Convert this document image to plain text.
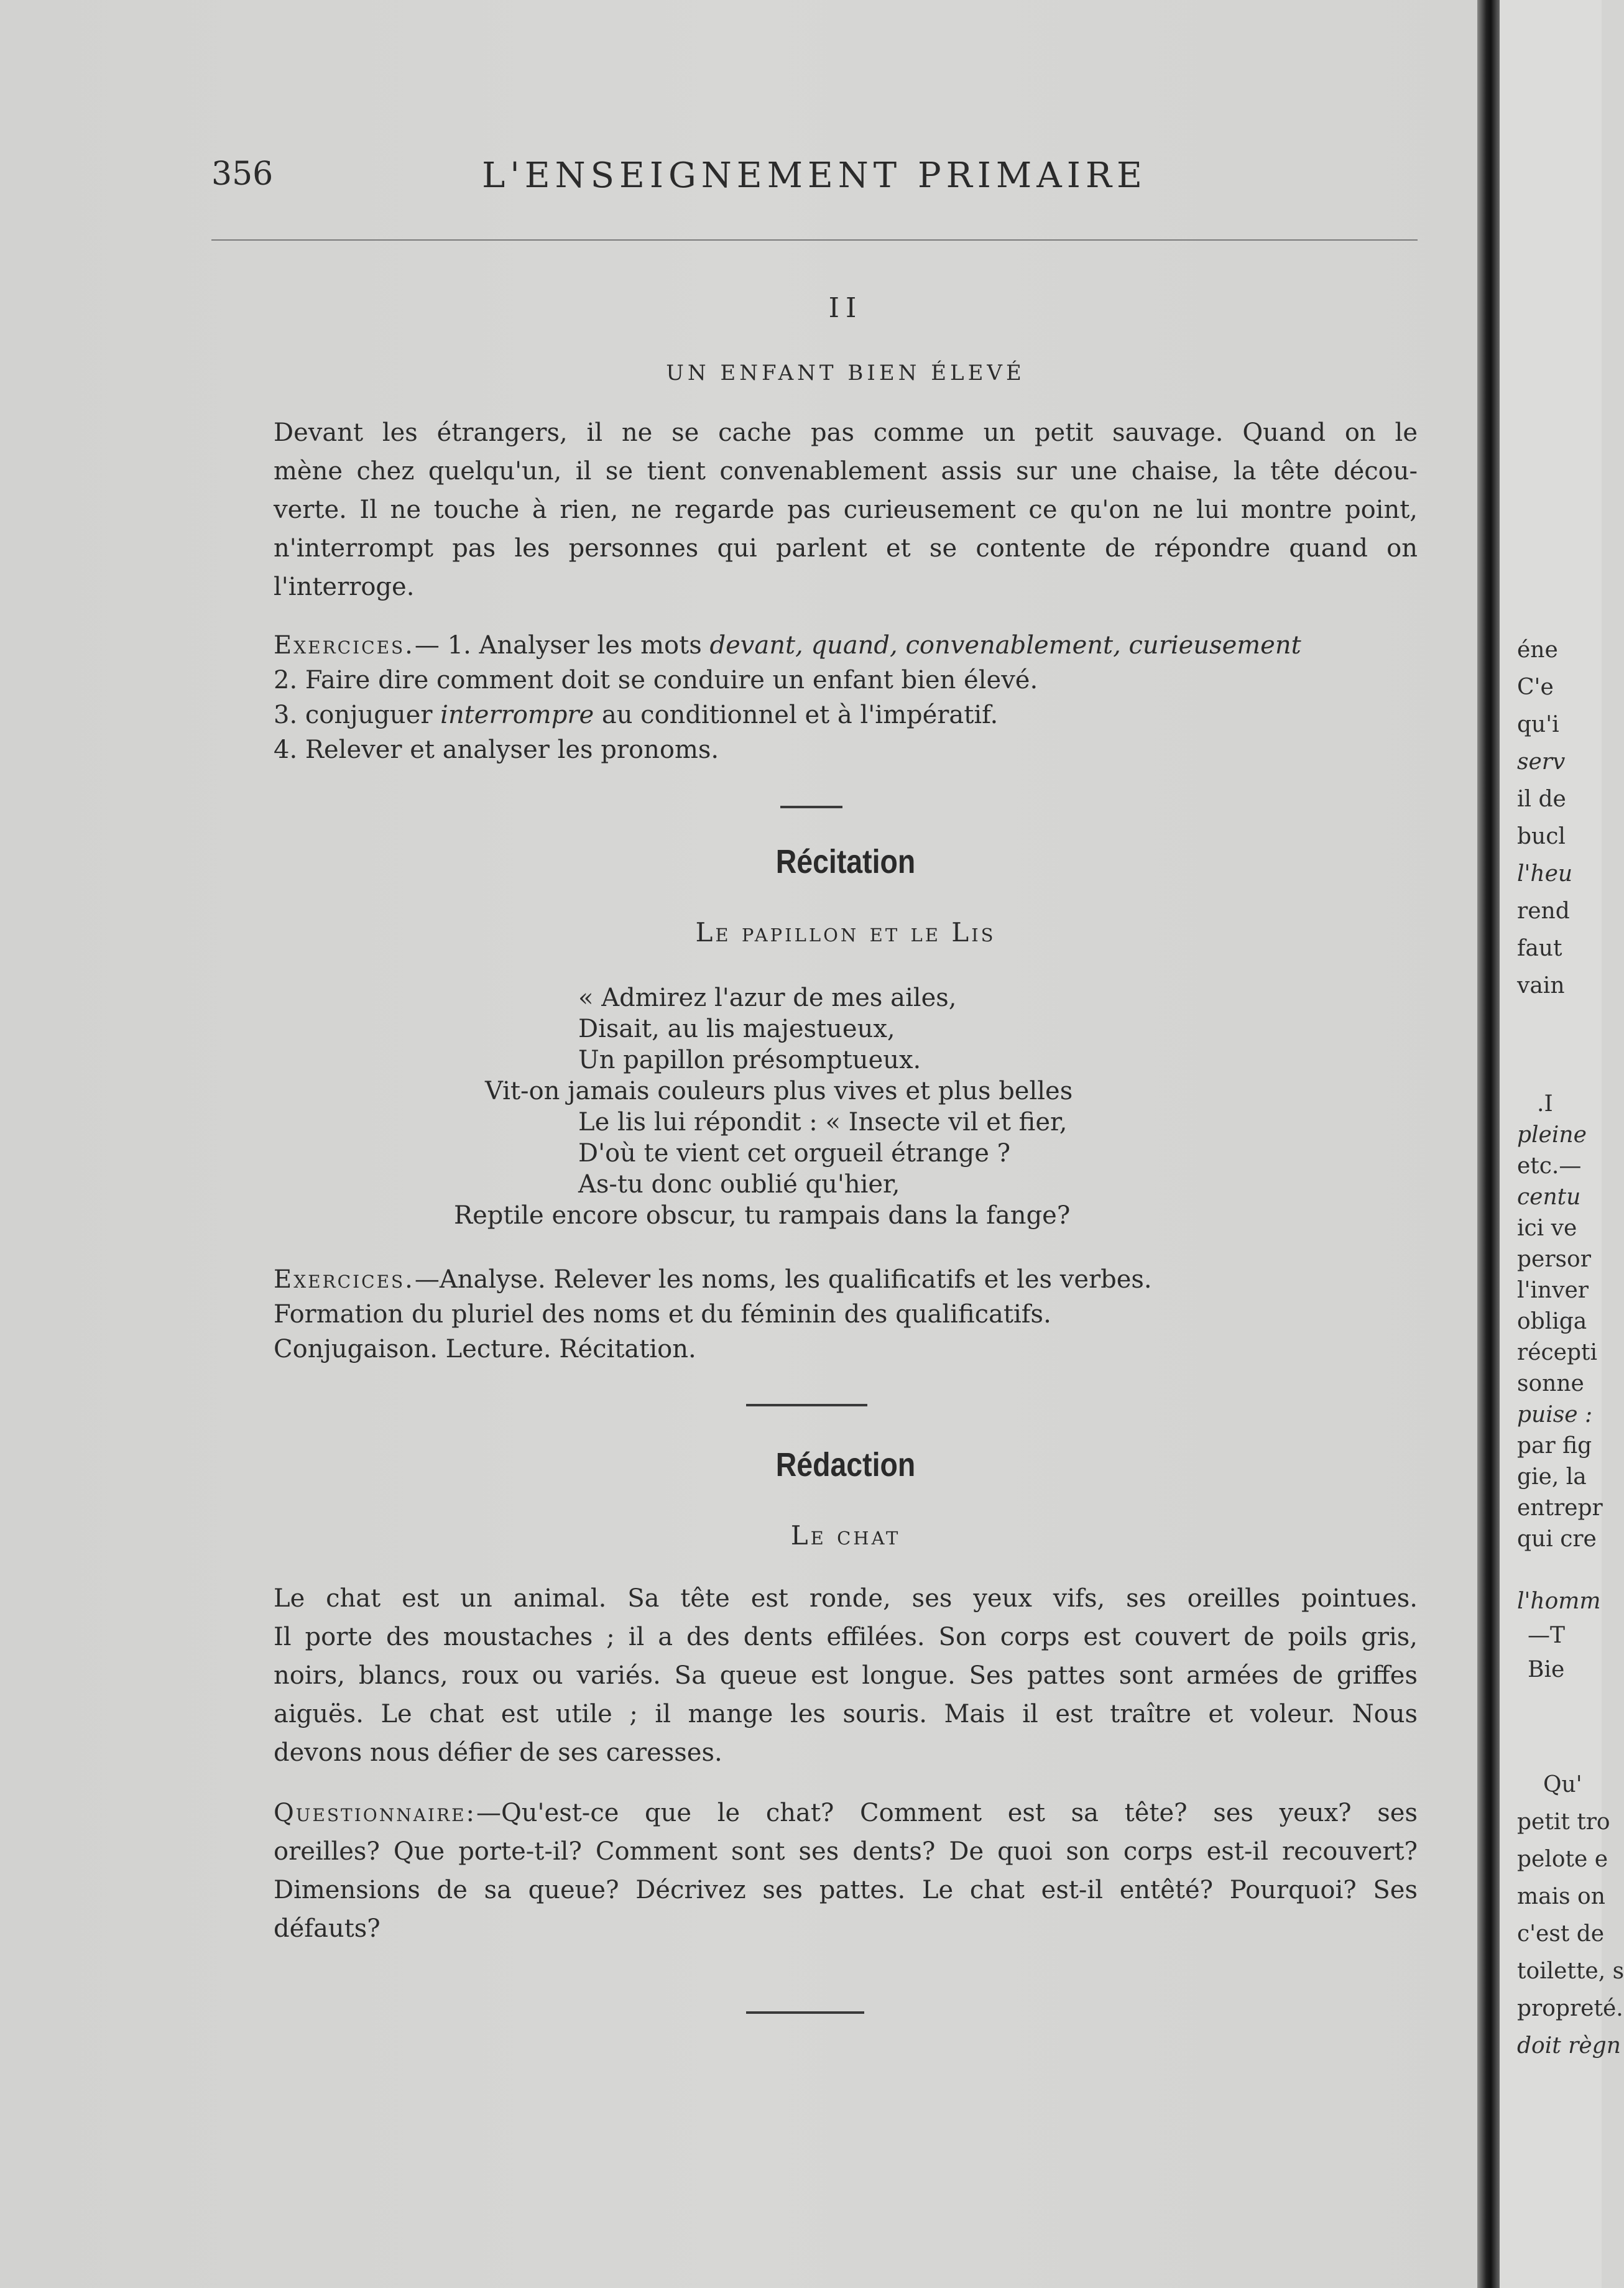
356	L'ENSEIGNEMENT PRIMAIRE
II
UN ENFANT BIEN ÉLEVÉ
Devant les étrangers, il ne se cache pas comme un petit sauvage. Quand on le
mène chez quelqu'un, il se tient convenablement assis sur une chaise, la tête décou-
verte. Il ne touche à rien, ne regarde pas curieusement ce qu'on ne lui montre point,
n'interrompt pas les personnes qui parlent et se contente de répondre quand on
l'interroge.
Exercices.— 1. Analyser les mots devant, quand, convenablement, curieusement
2. Faire dire comment doit se conduire un enfant bien élevé.
3. conjuguer interrompre au conditionnel et à l'impératif.
4. Relever et analyser les pronoms.
Récitation
Le papillon et le Lis
« Admirez l'azur de mes ailes,
Disait, au lis majestueux,
Un papillon présomptueux.
Vit-on jamais couleurs plus vives et plus belles
Le lis lui répondit : « Insecte vil et fier,
D'où te vient cet orgueil étrange ?
As-tu donc oublié qu'hier,
Reptile encore obscur, tu rampais dans la fange?
Exercices.—Analyse. Relever les noms, les qualificatifs et les verbes.
Formation du pluriel des noms et du féminin des qualificatifs.
Conjugaison. Lecture. Récitation.
Rédaction
Le chat
Le chat est un animal. Sa tête est ronde, ses yeux vifs, ses oreilles pointues.
Il porte des moustaches ; il a des dents effilées. Son corps est couvert de poils gris,
noirs, blancs, roux ou variés. Sa queue est longue. Ses pattes sont armées de griffes
aiguës. Le chat est utile ; il mange les souris. Mais il est traître et voleur. Nous
devons nous défier de ses caresses.
Questionnaire:—Qu'est-ce que le chat? Comment est sa tête? ses yeux? ses
oreilles? Que porte-t-il? Comment sont ses dents? De quoi son corps est-il recouvert?
Dimensions de sa queue? Décrivez ses pattes. Le chat est-il entêté? Pourquoi? Ses
défauts?
éne
C'e
qu'i
serv
il de
bucl
l'heu
rend
faut
vain
.I
pleine
etc.—
centu
ici ve
persor
l'inver
obliga
récepti
sonne
puise :
par fig
gie, la
entrepr
qui cre
l'homm
—T
Bie
Qu'
petit tro
pelote e
mais on
c'est de
toilette, s
propreté.
doit règn
